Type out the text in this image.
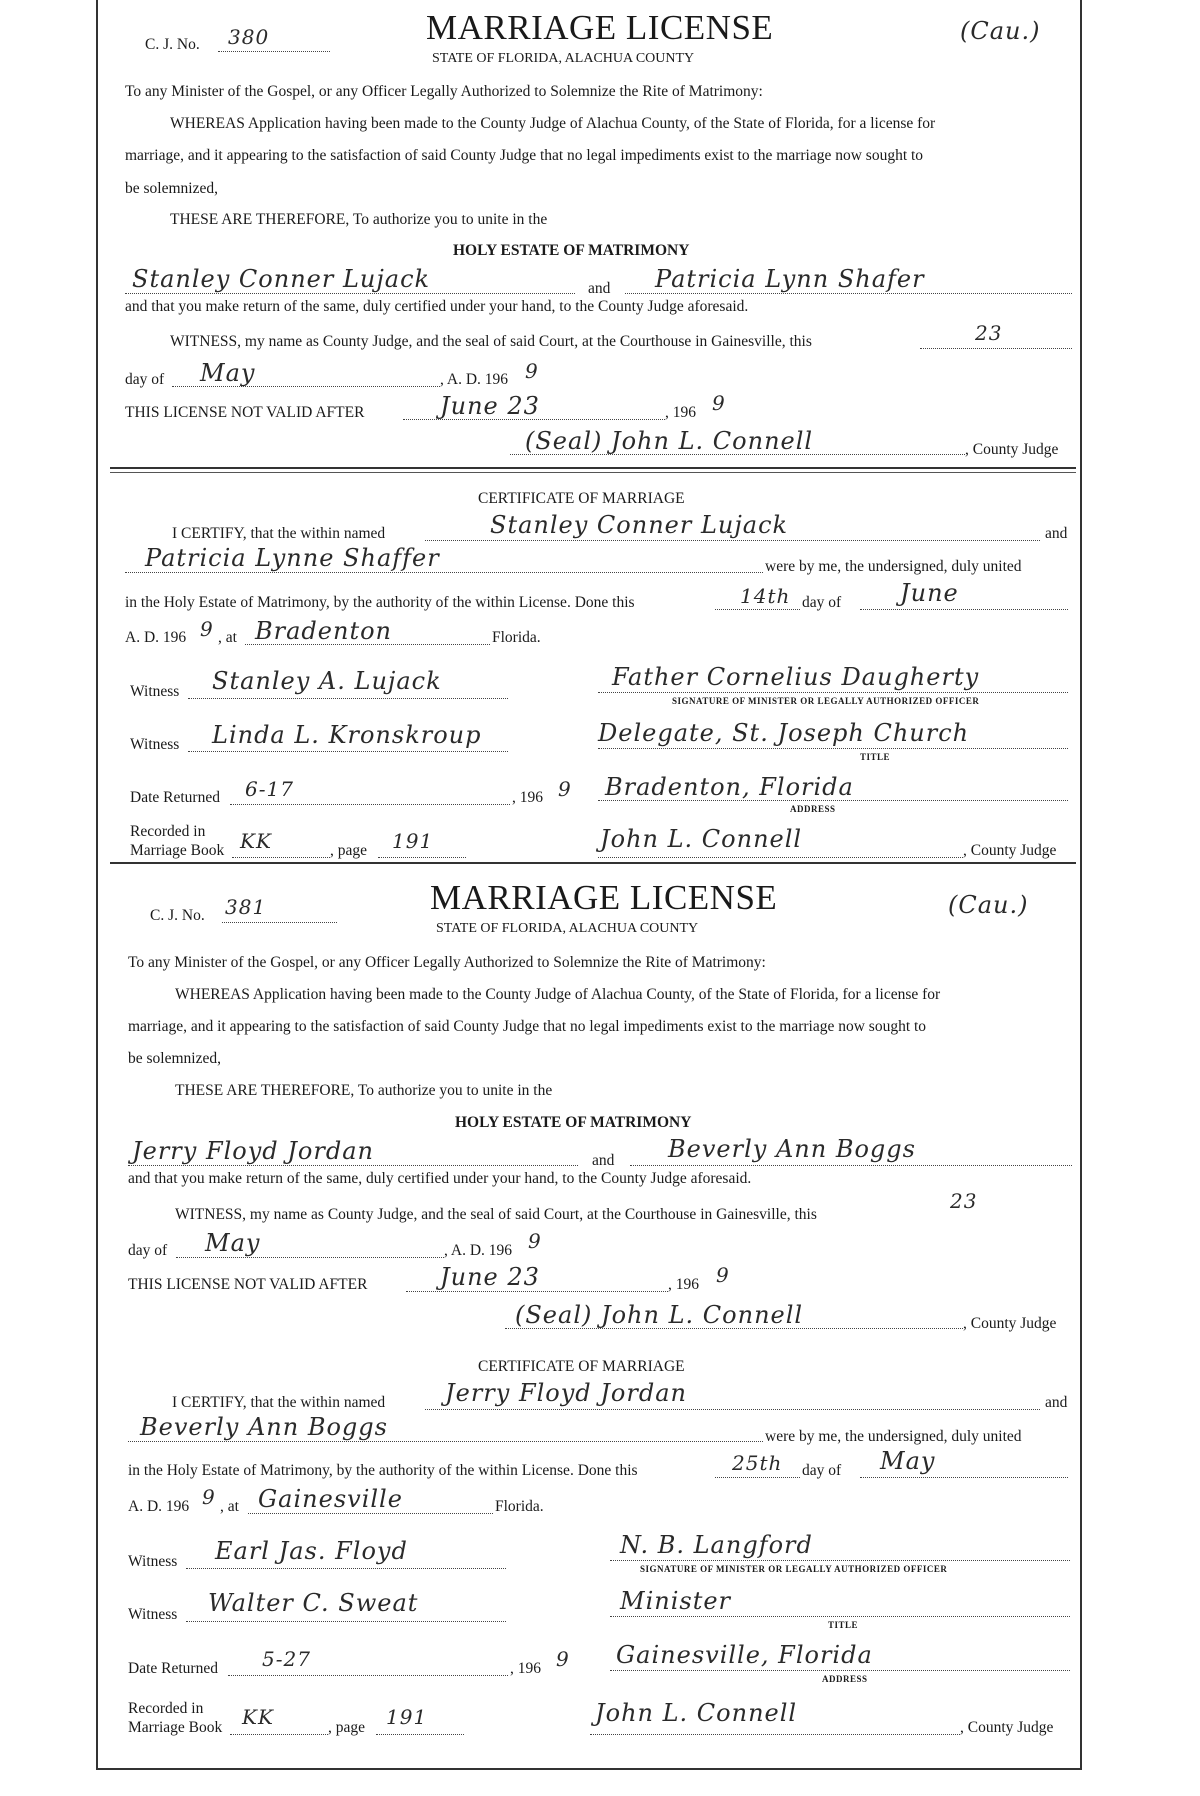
C. J. No. 380	MARRIAGE LICENSE
STATE OF FLORIDA, ALACHUA COUNTY
(Cau.)
To any Minister of the Gospel, or any Officer Legally Authorized to Solemnize the Rite of Matrimony:
WHEREAS Application having been made to the County Judge of Alachua County, of the State of Florida, for a license for
marriage, and it appearing to the satisfaction of said County Judge that no legal impediments exist to the marriage now sought to
be solemnized,
THESE ARE THEREFORE, To authorize you to unite in the
HOLY ESTATE OF MATRIMONY
Stanley Conner Lujack	and Patricia Lynn Shafer
and that you make return of the same, duly certified under your hand, to the County Judge aforesaid.
WITNESS, my name as County Judge, and the seal of said Court, at the Courthouse in Gainesville, this	23
day of May	, A. D. 196 9
THIS LICENSE NOT VALID AFTER	June 23	, 196 9
(Seal) John L. Connell	, County Judge
CERTIFICATE OF MARRIAGE
I CERTIFY, that the within named	Stanley Conner Lujack	and
Patricia Lynne Shaffer	were by me, the undersigned, duly united
in the Holy Estate of Matrimony, by the authority of the within License. Done this	14th day of June
A. D. 196 9 , at Bradenton	Florida.
Witness Stanley A. Lujack	Father Cornelius Daugherty
SIGNATURE OF MINISTER OR LEGALLY AUTHORIZED OFFICER
Witness Linda L. Kronskroup	Delegate, St. Joseph Church
TITLE
Date Returned 6-17	, 196 9 Bradenton, Florida
ADDRESS
Recorded in
Marriage Book KK	, page 191	John L. Connell	, County Judge
C. J. No. 381	MARRIAGE LICENSE
STATE OF FLORIDA, ALACHUA COUNTY
(Cau.)
To any Minister of the Gospel, or any Officer Legally Authorized to Solemnize the Rite of Matrimony:
WHEREAS Application having been made to the County Judge of Alachua County, of the State of Florida, for a license for
marriage, and it appearing to the satisfaction of said County Judge that no legal impediments exist to the marriage now sought to
be solemnized,
THESE ARE THEREFORE, To authorize you to unite in the
HOLY ESTATE OF MATRIMONY
Jerry Floyd Jordan	and Beverly Ann Boggs
and that you make return of the same, duly certified under your hand, to the County Judge aforesaid.
WITNESS, my name as County Judge, and the seal of said Court, at the Courthouse in Gainesville, this
23
day of May	, A. D. 196 9
THIS LICENSE NOT VALID AFTER	June 23	, 196 9
(Seal) John L. Connell	, County Judge
CERTIFICATE OF MARRIAGE
I CERTIFY, that the within named Jerry Floyd Jordan	and
Beverly Ann Boggs	were by me, the undersigned, duly united
in the Holy Estate of Matrimony, by the authority of the within License. Done this	25th day of May
A. D. 196 9 , at Gainesville	Florida.
Witness Earl Jas. Floyd	N. B. Langford
SIGNATURE OF MINISTER OR LEGALLY AUTHORIZED OFFICER
Witness Walter C. Sweat	Minister
TITLE
Date Returned 5-27	, 196 9 Gainesville, Florida
ADDRESS
Recorded in
Marriage Book KK	, page 191	John L. Connell
, County Judge
